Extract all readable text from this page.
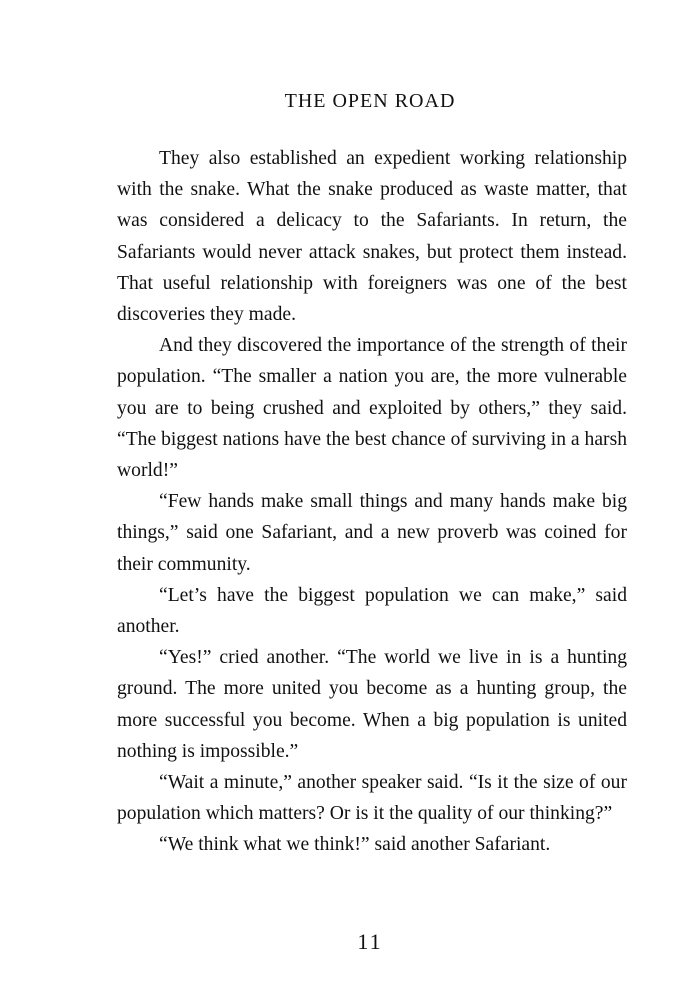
THE OPEN ROAD

They also established an expedient working relationship with the snake. What the snake produced as waste matter, that was considered a delicacy to the Safariants. In return, the Safariants would never attack snakes, but protect them instead. That useful relationship with foreigners was one of the best discoveries they made.

And they discovered the importance of the strength of their population. “The smaller a nation you are, the more vulnerable you are to being crushed and exploited by others,” they said. “The biggest nations have the best chance of surviving in a harsh world!”

“Few hands make small things and many hands make big things,” said one Safariant, and a new proverb was coined for their community.

“Let’s have the biggest population we can make,” said another.

“Yes!” cried another. “The world we live in is a hunting ground. The more united you become as a hunting group, the more successful you become. When a big population is united nothing is impossible.”

“Wait a minute,” another speaker said. “Is it the size of our population which matters? Or is it the quality of our thinking?”

“We think what we think!” said another Safariant.

11
